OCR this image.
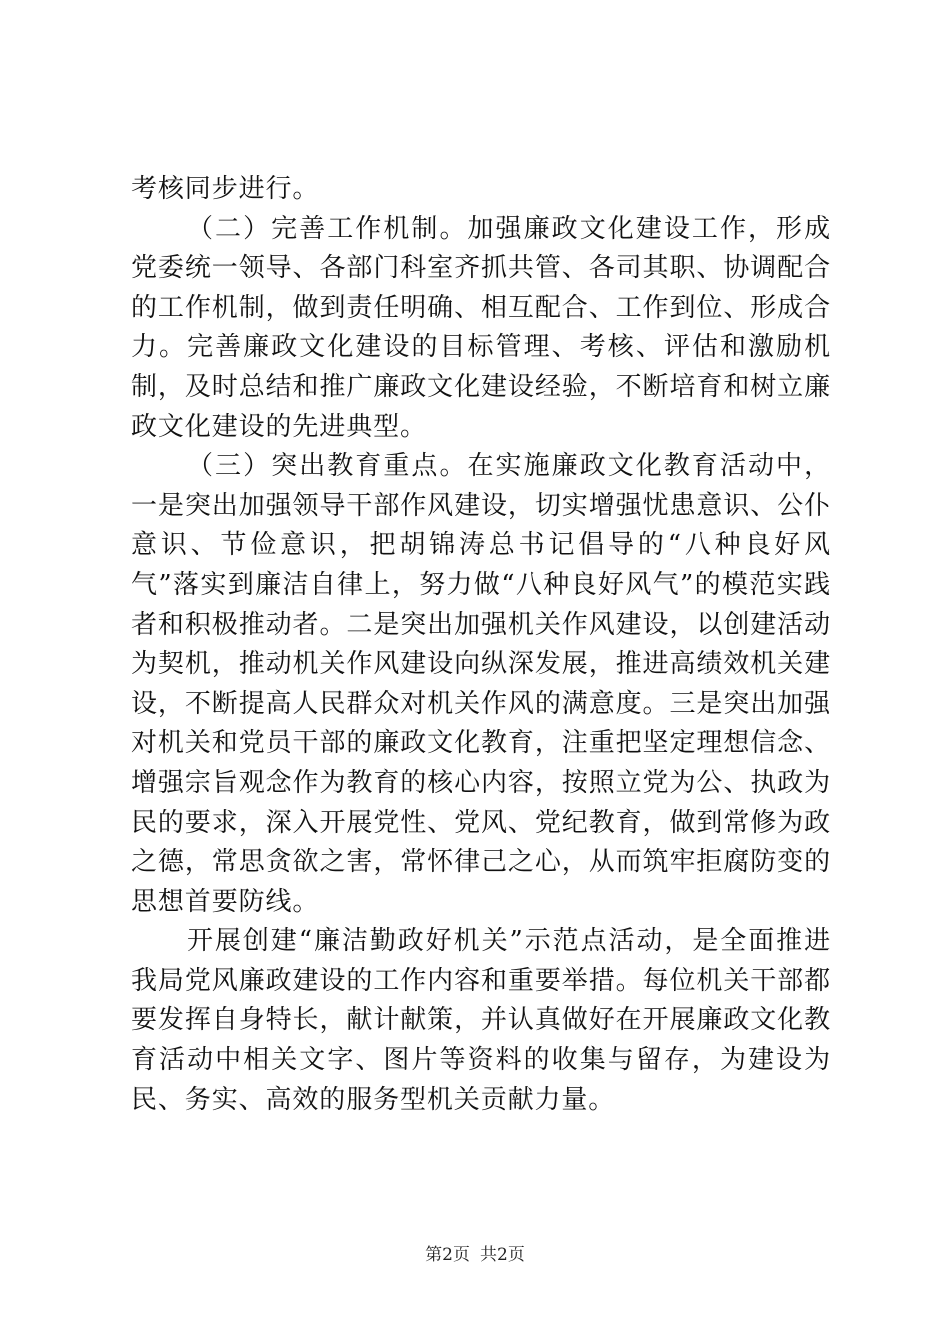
考核同步进行。

（二）完善工作机制。加强廉政文化建设工作，形成党委统一领导、各部门科室齐抓共管、各司其职、协调配合的工作机制，做到责任明确、相互配合、工作到位、形成合力。完善廉政文化建设的目标管理、考核、评估和激励机制，及时总结和推广廉政文化建设经验，不断培育和树立廉政文化建设的先进典型。

（三）突出教育重点。在实施廉政文化教育活动中，一是突出加强领导干部作风建设，切实增强忧患意识、公仆意识、节俭意识，把胡锦涛总书记倡导的“八种良好风气”落实到廉洁自律上，努力做“八种良好风气”的模范实践者和积极推动者。二是突出加强机关作风建设，以创建活动为契机，推动机关作风建设向纵深发展，推进高绩效机关建设，不断提高人民群众对机关作风的满意度。三是突出加强对机关和党员干部的廉政文化教育，注重把坚定理想信念、增强宗旨观念作为教育的核心内容，按照立党为公、执政为民的要求，深入开展党性、党风、党纪教育，做到常修为政之德，常思贪欲之害，常怀律己之心，从而筑牢拒腐防变的思想首要防线。

开展创建“廉洁勤政好机关”示范点活动，是全面推进我局党风廉政建设的工作内容和重要举措。每位机关干部都要发挥自身特长，献计献策，并认真做好在开展廉政文化教育活动中相关文字、图片等资料的收集与留存，为建设为民、务实、高效的服务型机关贡献力量。

第2页 共2页
